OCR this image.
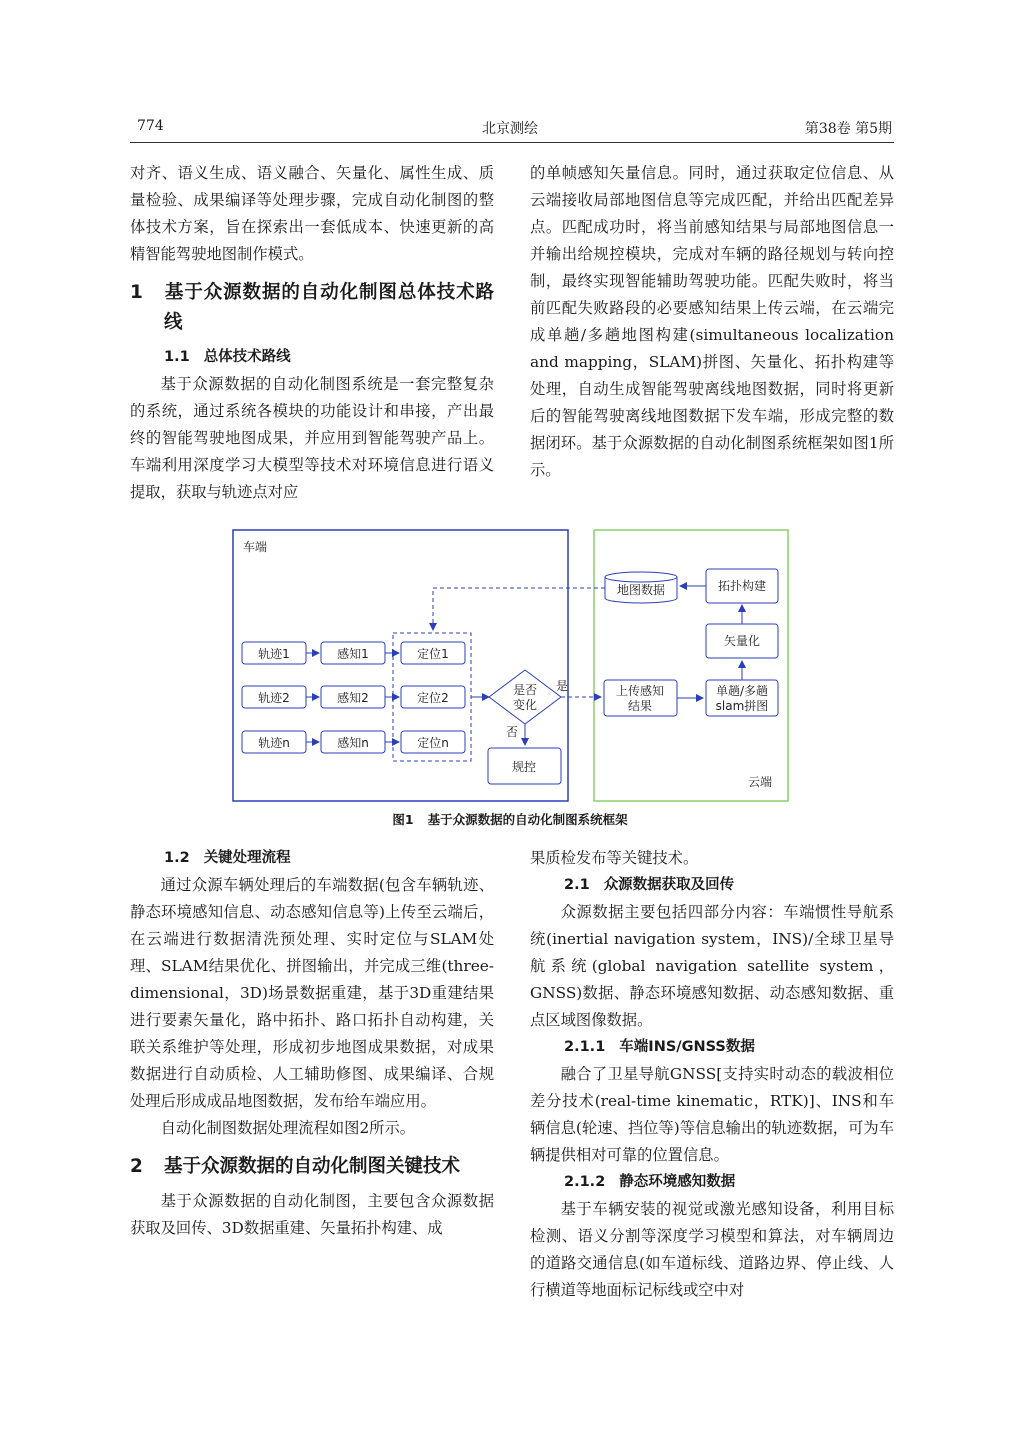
774	北京测绘	第38卷 第5期

对齐、语义生成、语义融合、矢量化、属性生成、质量检验、成果编译等处理步骤，完成自动化制图的整体技术方案，旨在探索出一套低成本、快速更新的高精智能驾驶地图制作模式。

1 基于众源数据的自动化制图总体技术路线

1.1 总体技术路线

基于众源数据的自动化制图系统是一套完整复杂的系统，通过系统各模块的功能设计和串接，产出最终的智能驾驶地图成果，并应用到智能驾驶产品上。车端利用深度学习大模型等技术对环境信息进行语义提取，获取与轨迹点对应

的单帧感知矢量信息。同时，通过获取定位信息、从云端接收局部地图信息等完成匹配，并给出匹配差异点。匹配成功时，将当前感知结果与局部地图信息一并输出给规控模块，完成对车辆的路径规划与转向控制，最终实现智能辅助驾驶功能。匹配失败时，将当前匹配失败路段的必要感知结果上传云端，在云端完成单趟/多趟地图构建(simultaneous localization and mapping，SLAM)拼图、矢量化、拓扑构建等处理，自动生成智能驾驶离线地图数据，同时将更新后的智能驾驶离线地图数据下发车端，形成完整的数据闭环。基于众源数据的自动化制图系统框架如图1所示。

车端
云端
轨迹1
轨迹2
轨迹n
感知1
感知2
感知n
定位1
定位2
定位n
是否
变化
是
否
规控
上传感知
结果
单趟/多趟
slam拼图
矢量化
拓扑构建
地图数据
图1 基于众源数据的自动化制图系统框架

1.2 关键处理流程

通过众源车辆处理后的车端数据(包含车辆轨迹、静态环境感知信息、动态感知信息等)上传至云端后，在云端进行数据清洗预处理、实时定位与SLAM处理、SLAM结果优化、拼图输出，并完成三维(three-dimensional，3D)场景数据重建，基于3D重建结果进行要素矢量化，路中拓扑、路口拓扑自动构建，关联关系维护等处理，形成初步地图成果数据，对成果数据进行自动质检、人工辅助修图、成果编译、合规处理后形成成品地图数据，发布给车端应用。

自动化制图数据处理流程如图2所示。

2 基于众源数据的自动化制图关键技术

基于众源数据的自动化制图，主要包含众源数据获取及回传、3D数据重建、矢量拓扑构建、成

果质检发布等关键技术。

2.1 众源数据获取及回传

众源数据主要包括四部分内容：车端惯性导航系统(inertial navigation system，INS)/全球卫星导航系统(global navigation satellite system，GNSS)数据、静态环境感知数据、动态感知数据、重点区域图像数据。

2.1.1 车端INS/GNSS数据

融合了卫星导航GNSS[支持实时动态的载波相位差分技术(real-time kinematic，RTK)]、INS和车辆信息(轮速、挡位等)等信息输出的轨迹数据，可为车辆提供相对可靠的位置信息。

2.1.2 静态环境感知数据

基于车辆安装的视觉或激光感知设备，利用目标检测、语义分割等深度学习模型和算法，对车辆周边的道路交通信息(如车道标线、道路边界、停止线、人行横道等地面标记标线或空中对
